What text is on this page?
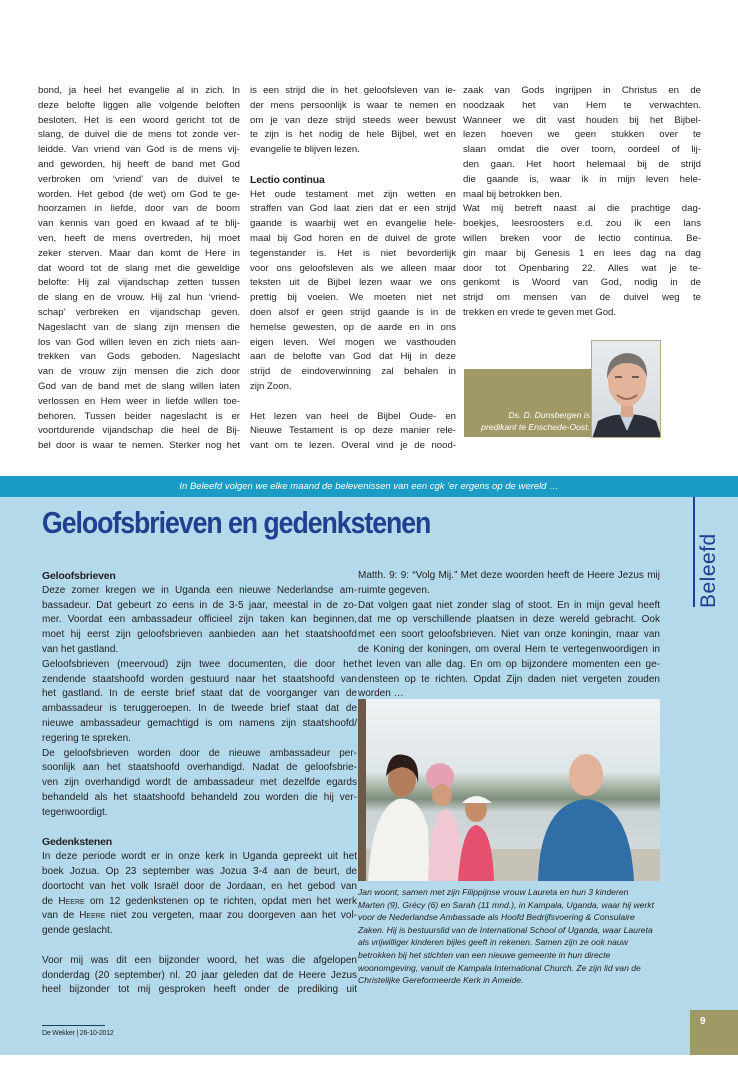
bond, ja heel het evangelie al in zich. In
deze belofte liggen alle volgende beloften
besloten. Het is een woord gericht tot de
slang, de duivel die de mens tot zonde ver-
leidde. Van vriend van God is de mens vij-
and geworden, hij heeft de band met God
verbroken om ‘vriend’ van de duivel te
worden. Het gebod (de wet) om God te ge-
hoorzamen in liefde, door van de boom
van kennis van goed en kwaad af te blij-
ven, heeft de mens overtreden, hij moet
zeker sterven. Maar dan komt de Here in
dat woord tot de slang met die geweldige
belofte: Hij zal vijandschap zetten tussen
de slang en de vrouw. Hij zal hun ‘vriend-
schap’ verbreken en vijandschap geven.
Nageslacht van de slang zijn mensen die
los van God willen leven en zich niets aan-
trekken van Gods geboden. Nageslacht
van de vrouw zijn mensen die zich door
God van de band met de slang willen laten
verlossen en Hem weer in liefde willen toe-
behoren. Tussen beider nageslacht is er
voortdurende vijandschap die heel de Bij-
bel door is waar te nemen. Sterker nog het
is een strijd die in het geloofsleven van ie-
der mens persoonlijk is waar te nemen en
om je van deze strijd steeds weer bewust
te zijn is het nodig de hele Bijbel, wet en
evangelie te blijven lezen.
Lectio continua
Het oude testament met zijn wetten en
straffen van God laat zien dat er een strijd
gaande is waarbij wet en evangelie hele-
maal bij God horen en de duivel de grote
tegenstander is. Het is niet bevorderlijk
voor ons geloofsleven als we alleen maar
teksten uit de Bijbel lezen waar we ons
prettig bij voelen. We moeten niet net
doen alsof er geen strijd gaande is in de
hemelse gewesten, op de aarde en in ons
eigen leven. Wel mogen we vasthouden
aan de belofte van God dat Hij in deze
strijd de eindoverwinning zal behalen in
zijn Zoon.
Het lezen van heel de Bijbel Oude- en
Nieuwe Testament is op deze manier rele-
vant om te lezen. Overal vind je de nood-
zaak van Gods ingrijpen in Christus en de
noodzaak het van Hem te verwachten.
Wanneer we dit vast houden bij het Bijbel-
lezen hoeven we geen stukken over te
slaan omdat die over toorn, oordeel of lij-
den gaan. Het hoort helemaal bij de strijd
die gaande is, waar ik in mijn leven hele-
maal bij betrokken ben.
Wat mij betreft naast al die prachtige dag-
boekjes, leesroosters e.d. zou ik een lans
willen breken voor de lectio continua. Be-
gin maar bij Genesis 1 en lees dag na dag
door tot Openbaring 22. Alles wat je te-
genkomt is Woord van God, nodig in de
strijd om mensen van de duivel weg te
trekken en vrede te geven met God.
Ds. D. Dunsbergen is
predikant te Enschede-Oost.
In Beleefd volgen we elke maand de belevenissen van een cgk ’er ergens op de wereld …
Geloofsbrieven en gedenkstenen
Beleefd
Geloofsbrieven
Deze zomer kregen we in Uganda een nieuwe Nederlandse am-
bassadeur. Dat gebeurt zo eens in de 3-5 jaar, meestal in de zo-
mer. Voordat een ambassadeur officieel zijn taken kan beginnen,
moet hij eerst zijn geloofsbrieven aanbieden aan het staatshoofd
van het gastland.
Geloofsbrieven (meervoud) zijn twee documenten, die door het
zendende staatshoofd worden gestuurd naar het staatshoofd van
het gastland. In de eerste brief staat dat de voorganger van de
ambassadeur is teruggeroepen. In de tweede brief staat dat de
nieuwe ambassadeur gemachtigd is om namens zijn staatshoofd/
regering te spreken.
De geloofsbrieven worden door de nieuwe ambassadeur per-
soonlijk aan het staatshoofd overhandigd. Nadat de geloofsbrie-
ven zijn overhandigd wordt de ambassadeur met dezelfde egards
behandeld als het staatshoofd behandeld zou worden die hij ver-
tegenwoordigt.
Gedenkstenen
In deze periode wordt er in onze kerk in Uganda gepreekt uit het
boek Jozua. Op 23 september was Jozua 3-4 aan de beurt, de
doortocht van het volk Israël door de Jordaan, en het gebod van
de Heere om 12 gedenkstenen op te richten, opdat men het werk
van de Heere niet zou vergeten, maar zou doorgeven aan het vol-
gende geslacht.
Voor mij was dit een bijzonder woord, het was die afgelopen
donderdag (20 september) nl. 20 jaar geleden dat de Heere Jezus
heel bijzonder tot mij gesproken heeft onder de prediking uit
Matth. 9: 9: “Volg Mij.” Met deze woorden heeft de Heere Jezus mij
ruimte gegeven.
Dat volgen gaat niet zonder slag of stoot. En in mijn geval heeft
dat me op verschillende plaatsen in deze wereld gebracht. Ook
met een soort geloofsbrieven. Niet van onze koningin, maar van
de Koning der koningen, om overal Hem te vertegenwoordigen in
het leven van alle dag. En om op bijzondere momenten een ge-
densteen op te richten. Opdat Zijn daden niet vergeten zouden
worden …
Jan woont, samen met zijn Filippijnse vrouw Laureta en hun 3 kinderen
Marten (9), Grécy (6) en Sarah (11 mnd.), in Kampala, Uganda, waar hij werkt
voor de Nederlandse Ambassade als Hoofd Bedrijfsvoering & Consulaire
Zaken. Hij is bestuurslid van de International School of Uganda, waar Laureta
als vrijwilliger kinderen bijles geeft in rekenen. Samen zijn ze ook nauw
betrokken bij het stichten van een nieuwe gemeente in hun directe
woonomgeving, vanuit de Kampala International Church. Ze zijn lid van de
Christelijke Gereformeerde Kerk in Ameide.
De Wekker | 26-10-2012
9
